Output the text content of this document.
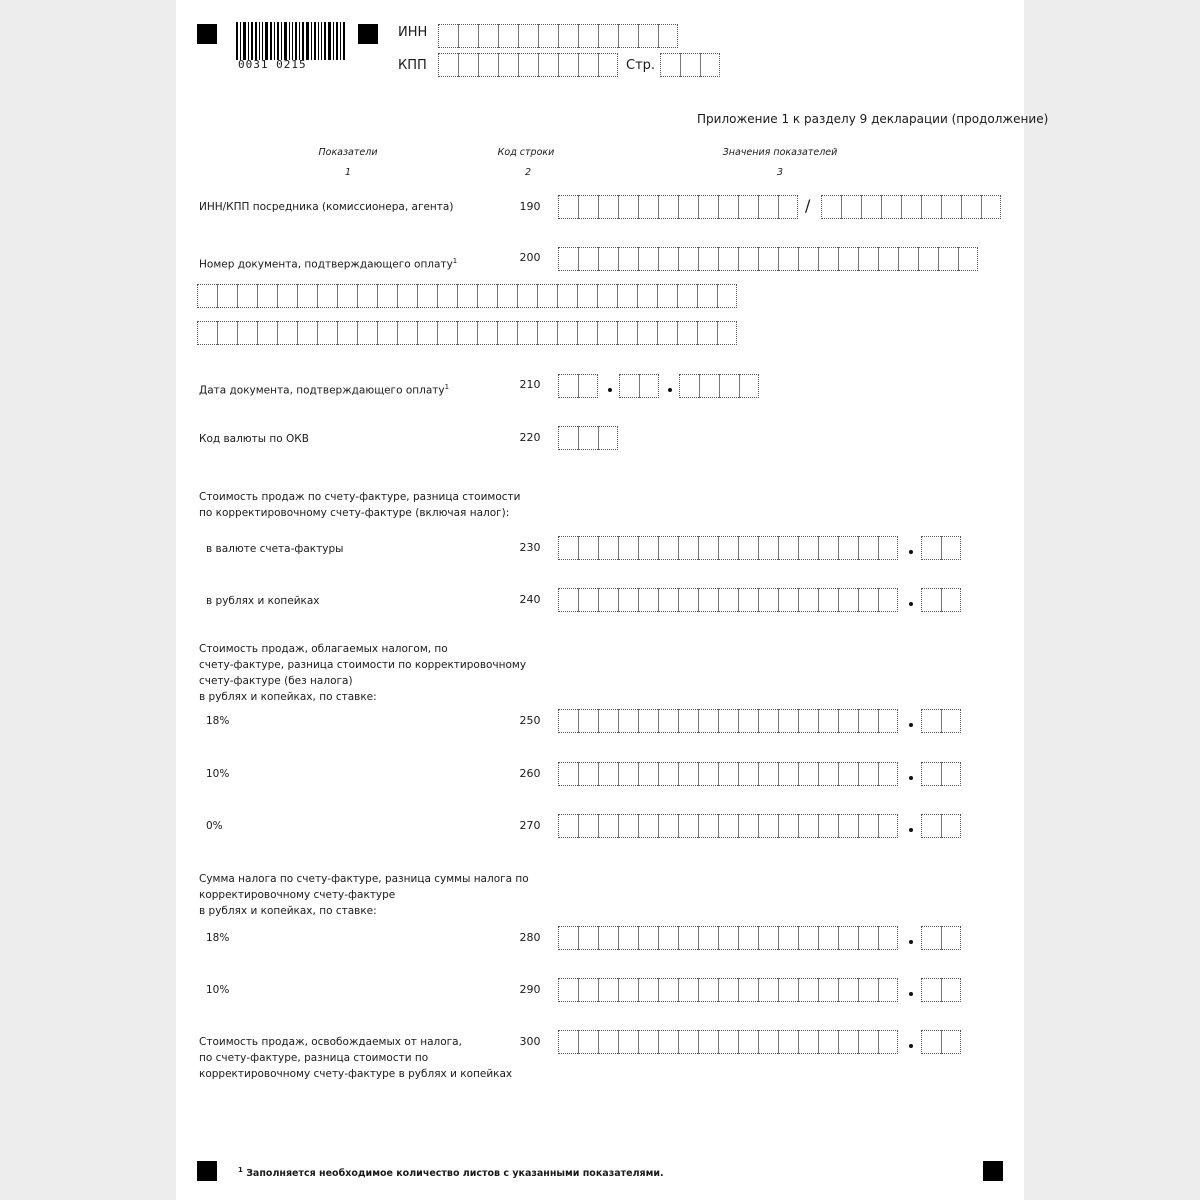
0031 0215
ИНН
КПП	Стр.
Приложение 1 к разделу 9 декларации (продолжение)
Показатели	Код строки	Значения показателей
1	2	3
ИНН/КПП посредника (комиссионера, агента)	190	/
Номер документа, подтверждающего оплату$^1$	200
Дата документа, подтверждающего оплату$^1$	210
Код валюты по ОКВ	220
Стоимость продаж по счету-фактуре, разница стоимости
по корректировочному счету-фактуре (включая налог):
в валюте счета-фактуры	230
в рублях и копейках	240
Стоимость продаж, облагаемых налогом, по
счету-фактуре, разница стоимости по корректировочному
счету-фактуре (без налога)
в рублях и копейках, по ставке:
18%	250
10%	260
0%	270
Сумма налога по счету-фактуре, разница суммы налога по
корректировочному счету-фактуре
в рублях и копейках, по ставке:
18%	280
10%	290
Стоимость продаж, освобождаемых от налога,
по счету-фактуре, разница стоимости по
корректировочному счету-фактуре в рублях и копейках
300
$^1$ Заполняется необходимое количество листов с указанными показателями.
